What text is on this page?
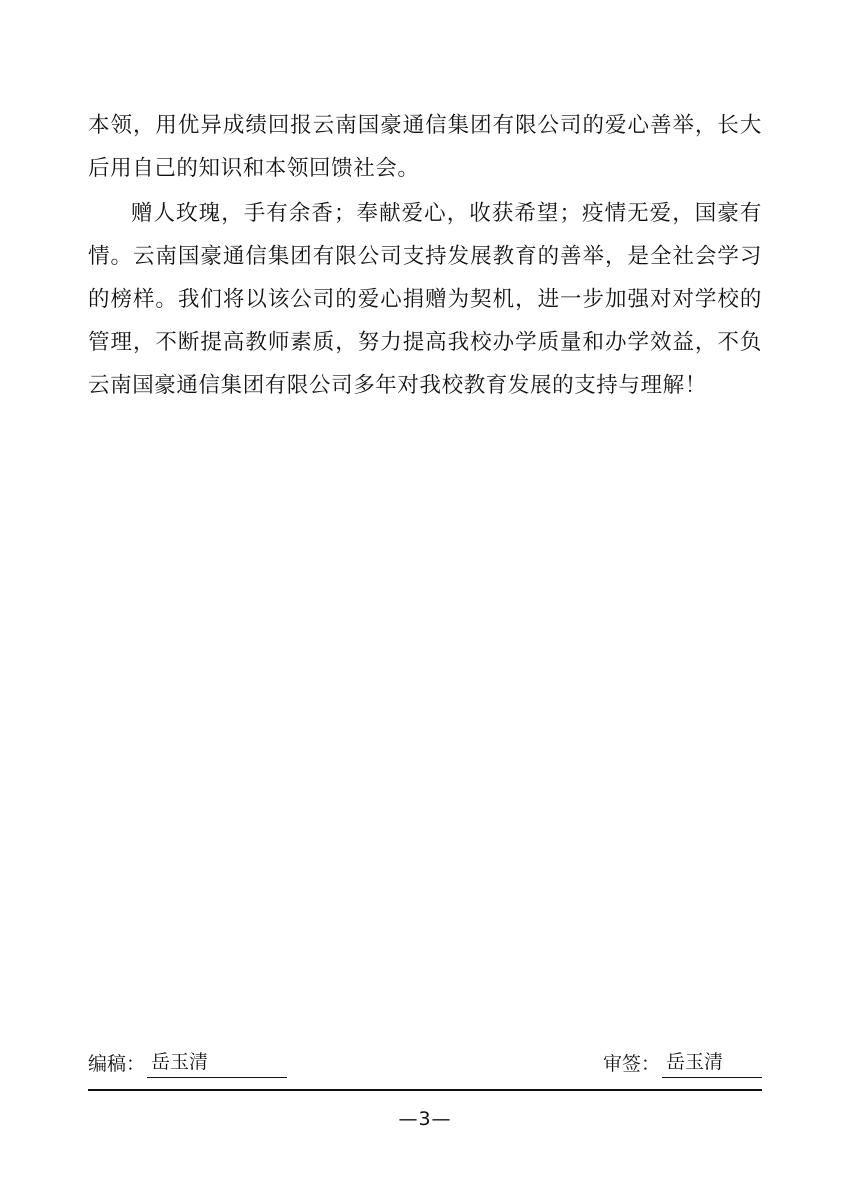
本领，用优异成绩回报云南国豪通信集团有限公司的爱心善举，长大后用自己的知识和本领回馈社会。

赠人玫瑰，手有余香；奉献爱心，收获希望；疫情无爱，国豪有情。云南国豪通信集团有限公司支持发展教育的善举，是全社会学习的榜样。我们将以该公司的爱心捐赠为契机，进一步加强对对学校的管理，不断提高教师素质，努力提高我校办学质量和办学效益，不负云南国豪通信集团有限公司多年对我校教育发展的支持与理解！

编稿： 岳玉清	审签： 岳玉清
—3—
